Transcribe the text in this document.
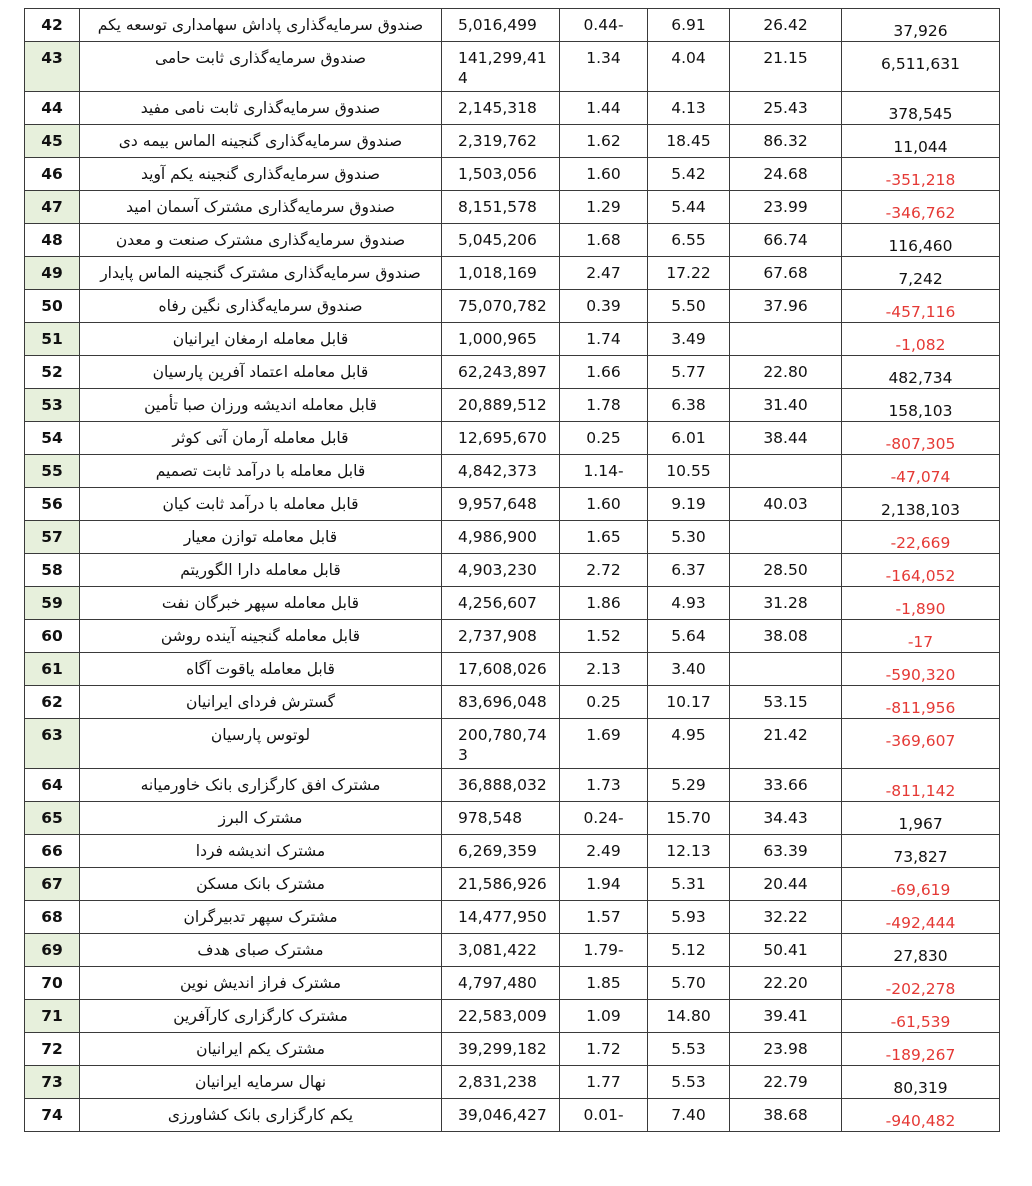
42	صندوق سرمایه‌گذاری پاداش سهامداری توسعه یکم	5,016,499	0.44-	6.91	26.42	37,926
43	صندوق سرمایه‌گذاری ثابت حامی	141,299,414	1.34	4.04	21.15	6,511,631
44	صندوق سرمایه‌گذاری ثابت نامی مفید	2,145,318	1.44	4.13	25.43	378,545
45	صندوق سرمایه‌گذاری گنجینه الماس بیمه دی	2,319,762	1.62	18.45	86.32	11,044
46	صندوق سرمایه‌گذاری گنجینه یکم آوید	1,503,056	1.60	5.42	24.68	-351,218
47	صندوق سرمایه‌گذاری مشترک آسمان امید	8,151,578	1.29	5.44	23.99	-346,762
48	صندوق سرمایه‌گذاری مشترک صنعت و معدن	5,045,206	1.68	6.55	66.74	116,460
49	صندوق سرمایه‌گذاری مشترک گنجینه الماس پایدار	1,018,169	2.47	17.22	67.68	7,242
50	صندوق سرمایه‌گذاری نگین رفاه	75,070,782	0.39	5.50	37.96	-457,116
51	قابل معامله ارمغان ایرانیان	1,000,965	1.74	3.49		-1,082
52	قابل معامله اعتماد آفرین پارسیان	62,243,897	1.66	5.77	22.80	482,734
53	قابل معامله اندیشه ورزان صبا تأمین	20,889,512	1.78	6.38	31.40	158,103
54	قابل معامله آرمان آتی کوثر	12,695,670	0.25	6.01	38.44	-807,305
55	قابل معامله با درآمد ثابت تصمیم	4,842,373	1.14-	10.55		-47,074
56	قابل معامله با درآمد ثابت کیان	9,957,648	1.60	9.19	40.03	2,138,103
57	قابل معامله توازن معیار	4,986,900	1.65	5.30		-22,669
58	قابل معامله دارا الگوریتم	4,903,230	2.72	6.37	28.50	-164,052
59	قابل معامله سپهر خبرگان نفت	4,256,607	1.86	4.93	31.28	-1,890
60	قابل معامله گنجینه آینده روشن	2,737,908	1.52	5.64	38.08	-17
61	قابل معامله یاقوت آگاه	17,608,026	2.13	3.40		-590,320
62	گسترش فردای ایرانیان	83,696,048	0.25	10.17	53.15	-811,956
63	لوتوس پارسیان	200,780,743	1.69	4.95	21.42	-369,607
64	مشترک افق کارگزاری بانک خاورمیانه	36,888,032	1.73	5.29	33.66	-811,142
65	مشترک البرز	978,548	0.24-	15.70	34.43	1,967
66	مشترک اندیشه فردا	6,269,359	2.49	12.13	63.39	73,827
67	مشترک بانک مسکن	21,586,926	1.94	5.31	20.44	-69,619
68	مشترک سپهر تدبیرگران	14,477,950	1.57	5.93	32.22	-492,444
69	مشترک صبای هدف	3,081,422	1.79-	5.12	50.41	27,830
70	مشترک فراز اندیش نوین	4,797,480	1.85	5.70	22.20	-202,278
71	مشترک کارگزاری کارآفرین	22,583,009	1.09	14.80	39.41	-61,539
72	مشترک یکم ایرانیان	39,299,182	1.72	5.53	23.98	-189,267
73	نهال سرمایه ایرانیان	2,831,238	1.77	5.53	22.79	80,319
74	یکم کارگزاری بانک کشاورزی	39,046,427	0.01-	7.40	38.68	-940,482
